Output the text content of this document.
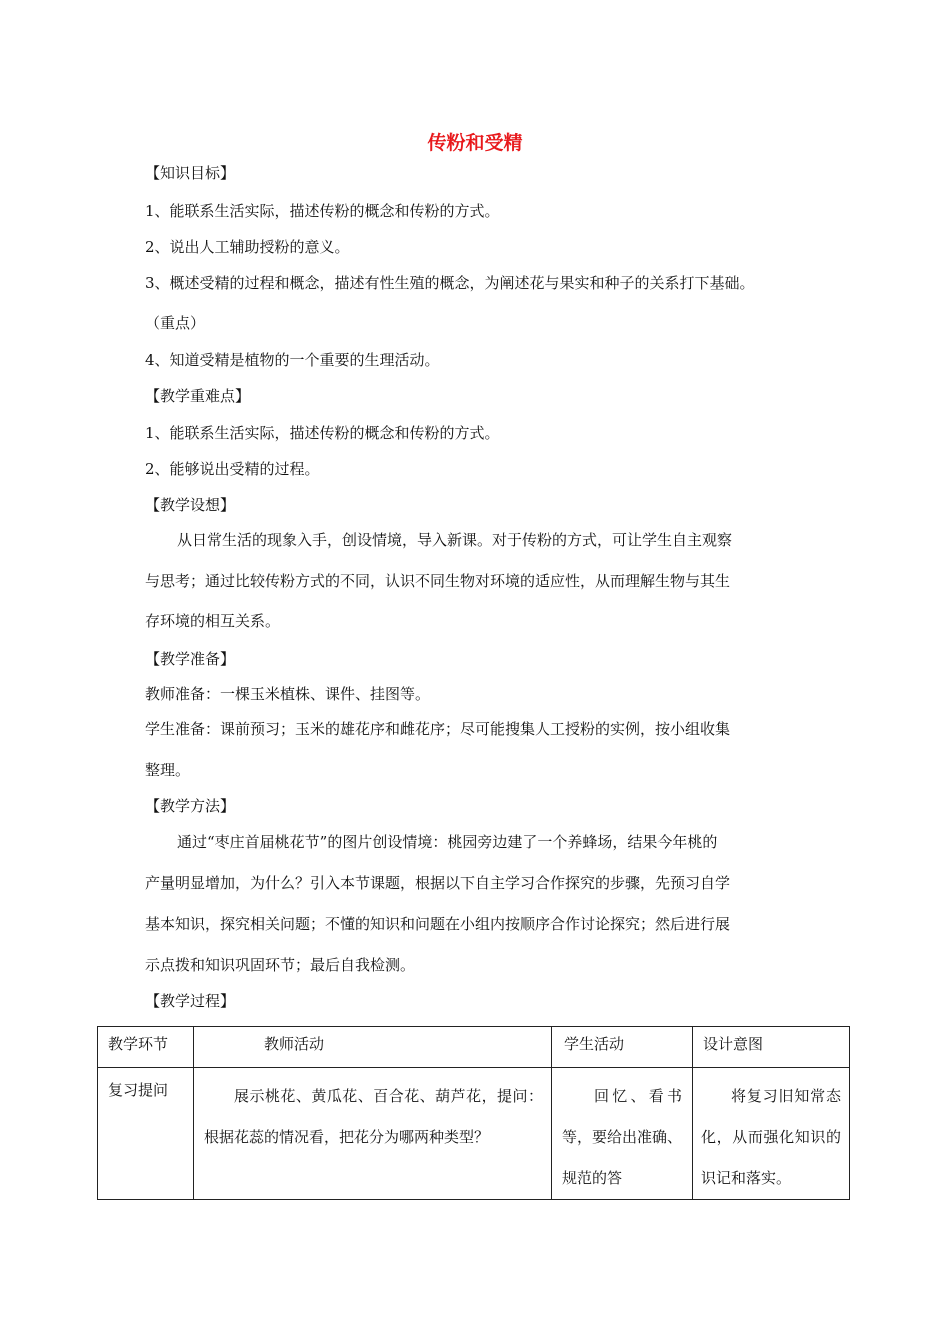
传粉和受精
【知识目标】
1、能联系生活实际，描述传粉的概念和传粉的方式。
2、说出人工辅助授粉的意义。
3、概述受精的过程和概念，描述有性生殖的概念，为阐述花与果实和种子的关系打下基础。
（重点）
4、知道受精是植物的一个重要的生理活动。
【教学重难点】
1、能联系生活实际，描述传粉的概念和传粉的方式。
2、能够说出受精的过程。
【教学设想】
从日常生活的现象入手，创设情境，导入新课。对于传粉的方式，可让学生自主观察
与思考；通过比较传粉方式的不同，认识不同生物对环境的适应性，从而理解生物与其生
存环境的相互关系。
【教学准备】
教师准备：一棵玉米植株、课件、挂图等。
学生准备：课前预习；玉米的雄花序和雌花序；尽可能搜集人工授粉的实例，按小组收集
整理。
【教学方法】
通过“枣庄首届桃花节”的图片创设情境：桃园旁边建了一个养蜂场，结果今年桃的
产量明显增加，为什么？引入本节课题，根据以下自主学习合作探究的步骤，先预习自学
基本知识，探究相关问题；不懂的知识和问题在小组内按顺序合作讨论探究；然后进行展
示点拨和知识巩固环节；最后自我检测。
【教学过程】
教学环节	教师活动	学生活动	设计意图

复习提问	展示桃花、黄瓜花、百合花、葫芦花，提问：根据花蕊的情况看，把花分为哪两种类型？	回忆、看书等，要给出准确、规范的答	将复习旧知常态化，从而强化知识的识记和落实。
